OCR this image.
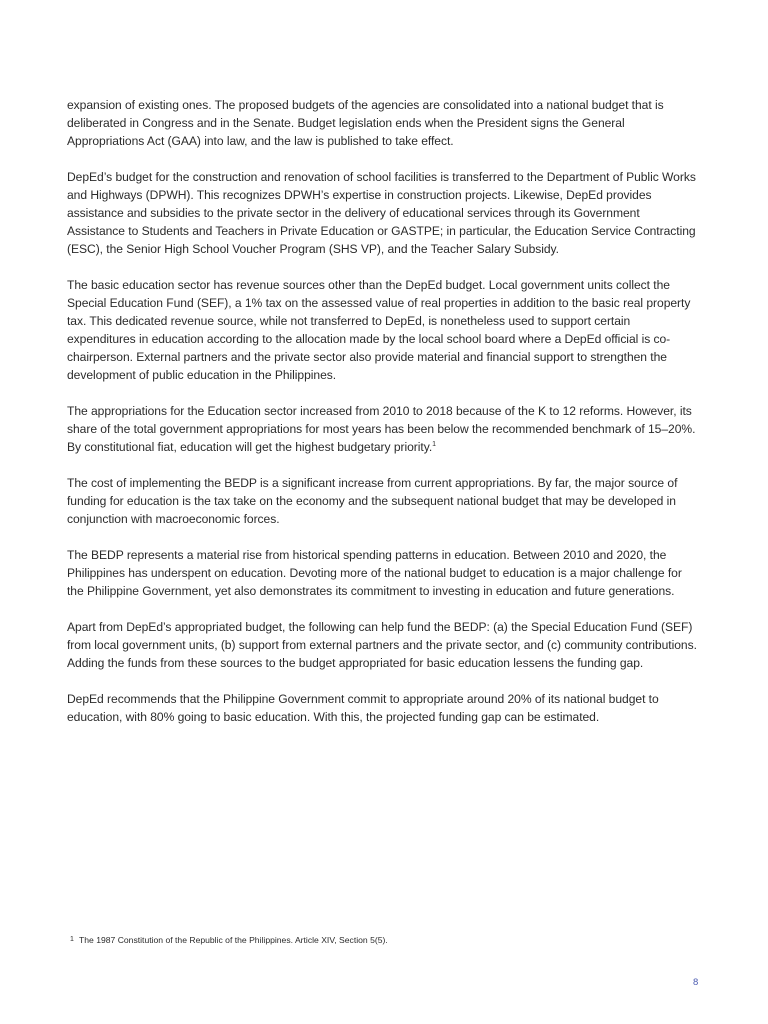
expansion of existing ones. The proposed budgets of the agencies are consolidated into a national budget that is deliberated in Congress and in the Senate. Budget legislation ends when the President signs the General Appropriations Act (GAA) into law, and the law is published to take effect.

DepEd’s budget for the construction and renovation of school facilities is transferred to the Department of Public Works and Highways (DPWH). This recognizes DPWH’s expertise in construction projects. Likewise, DepEd provides assistance and subsidies to the private sector in the delivery of educational services through its Government Assistance to Students and Teachers in Private Education or GASTPE; in particular, the Education Service Contracting (ESC), the Senior High School Voucher Program (SHS VP), and the Teacher Salary Subsidy.

The basic education sector has revenue sources other than the DepEd budget. Local government units collect the Special Education Fund (SEF), a 1% tax on the assessed value of real properties in addition to the basic real property tax. This dedicated revenue source, while not transferred to DepEd, is nonetheless used to support certain expenditures in education according to the allocation made by the local school board where a DepEd official is co-chairperson. External partners and the private sector also provide material and financial support to strengthen the development of public education in the Philippines.

The appropriations for the Education sector increased from 2010 to 2018 because of the K to 12 reforms. However, its share of the total government appropriations for most years has been below the recommended benchmark of 15–20%. By constitutional fiat, education will get the highest budgetary priority.$^1$

The cost of implementing the BEDP is a significant increase from current appropriations. By far, the major source of funding for education is the tax take on the economy and the subsequent national budget that may be developed in conjunction with macroeconomic forces.

The BEDP represents a material rise from historical spending patterns in education. Between 2010 and 2020, the Philippines has underspent on education. Devoting more of the national budget to education is a major challenge for the Philippine Government, yet also demonstrates its commitment to investing in education and future generations.

Apart from DepEd’s appropriated budget, the following can help fund the BEDP: (a) the Special Education Fund (SEF) from local government units, (b) support from external partners and the private sector, and (c) community contributions. Adding the funds from these sources to the budget appropriated for basic education lessens the funding gap.

DepEd recommends that the Philippine Government commit to appropriate around 20% of its national budget to education, with 80% going to basic education. With this, the projected funding gap can be estimated.

1 The 1987 Constitution of the Republic of the Philippines. Article XIV, Section 5(5).
8
